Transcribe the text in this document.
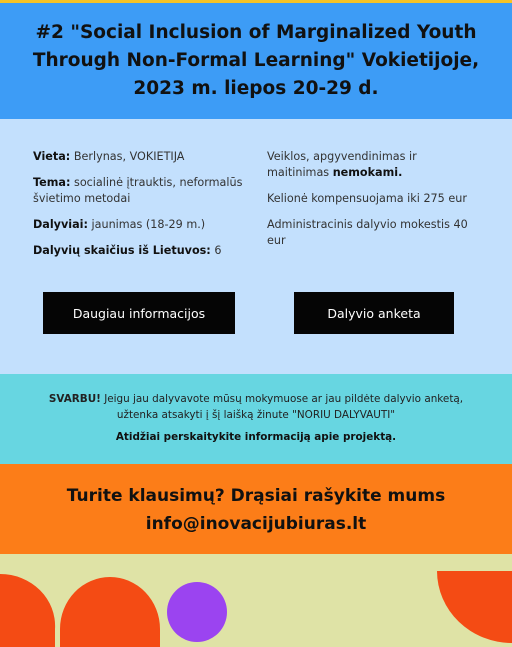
#2 "Social Inclusion of Marginalized Youth Through Non-Formal Learning" Vokietijoje, 2023 m. liepos 20-29 d.
Vieta: Berlynas, VOKIETIJA
Tema: socialinė įtrauktis, neformalūs švietimo metodai
Dalyviai: jaunimas (18-29 m.)
Dalyvių skaičius iš Lietuvos: 6
Veiklos, apgyvendinimas ir maitinimas nemokami.
Kelionė kompensuojama iki 275 eur
Administracinis dalyvio mokestis 40 eur
Daugiau informacijos	Dalyvio anketa
SVARBU! Jeigu jau dalyvavote mūsų mokymuose ar jau pildėte dalyvio anketą, užtenka atsakyti į šį laišką žinute "NORIU DALYVAUTI"
Atidžiai perskaitykite informaciją apie projektą.
Turite klausimų? Drąsiai rašykite mums
info@inovacijubiuras.lt
